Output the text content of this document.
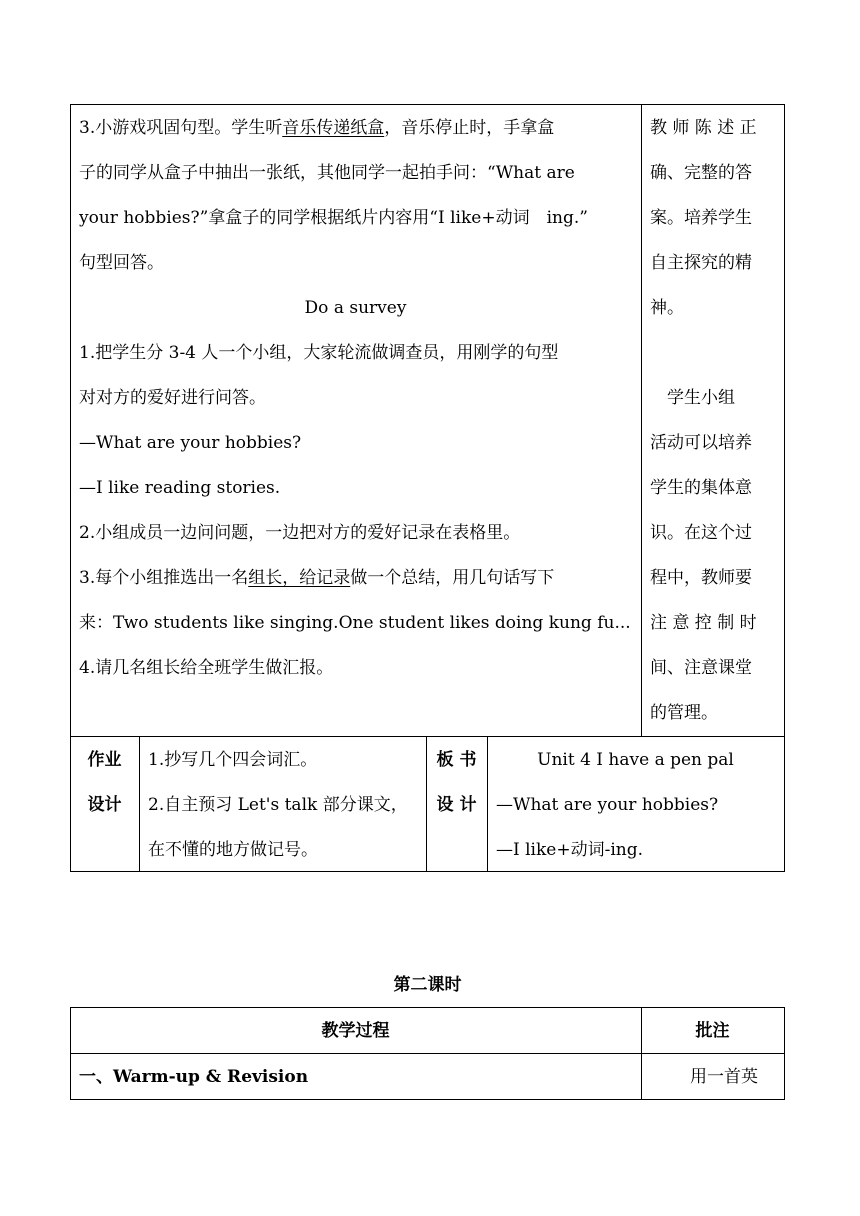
3.小游戏巩固句型。学生听音乐传递纸盒，音乐停止时，手拿盒
子的同学从盒子中抽出一张纸，其他同学一起拍手问：“What are
your hobbies?”拿盒子的同学根据纸片内容用“I like+动词　ing.”
句型回答。
Do a survey
1.把学生分 3-4 人一个小组，大家轮流做调查员，用刚学的句型
对对方的爱好进行问答。
—What are your hobbies?
—I like reading stories.
2.小组成员一边问问题，一边把对方的爱好记录在表格里。
3.每个小组推选出一名组长，给记录做一个总结，用几句话写下
来：Two students like singing.One student likes doing kung fu...
4.请几名组长给全班学生做汇报。
教 师 陈 述 正
确、完整的答
案。培养学生
自主探究的精
神。
　学生小组
活动可以培养
学生的集体意
识。在这个过
程中，教师要
注 意 控 制 时
间、注意课堂
的管理。
作业
设计
1.抄写几个四会词汇。
2.自主预习 Let's talk 部分课文，
在不懂的地方做记号。
板 书
设 计
Unit 4 I have a pen pal
—What are your hobbies?
—I like+动词-ing.
第二课时
教学过程	批注
一、Warm-up & Revision	用一首英
